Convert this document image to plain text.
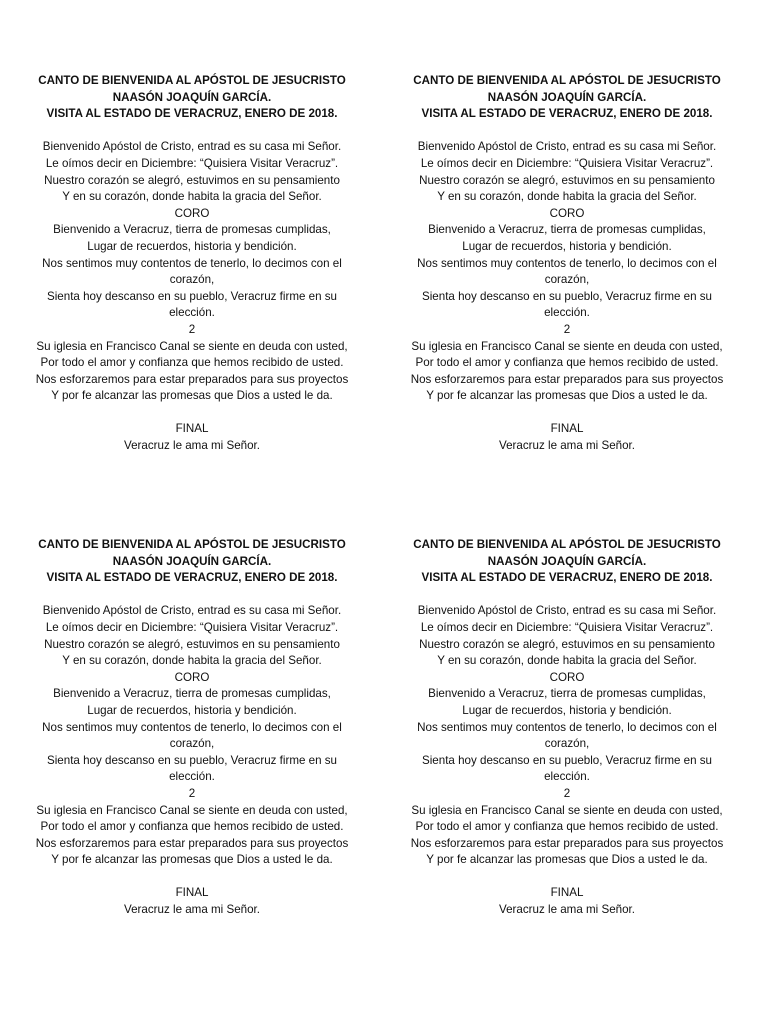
CANTO DE BIENVENIDA AL APÓSTOL DE JESUCRISTO
NAASÓN JOAQUÍN GARCÍA.
VISITA AL ESTADO DE VERACRUZ, ENERO DE 2018.
Bienvenido Apóstol de Cristo, entrad es su casa mi Señor.
Le oímos decir en Diciembre: “Quisiera Visitar Veracruz”.
Nuestro corazón se alegró, estuvimos en su pensamiento
Y en su corazón, donde habita la gracia del Señor.
CORO
Bienvenido a Veracruz, tierra de promesas cumplidas,
Lugar de recuerdos, historia y bendición.
Nos sentimos muy contentos de tenerlo, lo decimos con el
corazón,
Sienta hoy descanso en su pueblo, Veracruz firme en su
elección.
2
Su iglesia en Francisco Canal se siente en deuda con usted,
Por todo el amor y confianza que hemos recibido de usted.
Nos esforzaremos para estar preparados para sus proyectos
Y por fe alcanzar las promesas que Dios a usted le da.
FINAL
Veracruz le ama mi Señor.
CANTO DE BIENVENIDA AL APÓSTOL DE JESUCRISTO
NAASÓN JOAQUÍN GARCÍA.
VISITA AL ESTADO DE VERACRUZ, ENERO DE 2018.
Bienvenido Apóstol de Cristo, entrad es su casa mi Señor.
Le oímos decir en Diciembre: “Quisiera Visitar Veracruz”.
Nuestro corazón se alegró, estuvimos en su pensamiento
Y en su corazón, donde habita la gracia del Señor.
CORO
Bienvenido a Veracruz, tierra de promesas cumplidas,
Lugar de recuerdos, historia y bendición.
Nos sentimos muy contentos de tenerlo, lo decimos con el
corazón,
Sienta hoy descanso en su pueblo, Veracruz firme en su
elección.
2
Su iglesia en Francisco Canal se siente en deuda con usted,
Por todo el amor y confianza que hemos recibido de usted.
Nos esforzaremos para estar preparados para sus proyectos
Y por fe alcanzar las promesas que Dios a usted le da.
FINAL
Veracruz le ama mi Señor.
CANTO DE BIENVENIDA AL APÓSTOL DE JESUCRISTO
NAASÓN JOAQUÍN GARCÍA.
VISITA AL ESTADO DE VERACRUZ, ENERO DE 2018.
Bienvenido Apóstol de Cristo, entrad es su casa mi Señor.
Le oímos decir en Diciembre: “Quisiera Visitar Veracruz”.
Nuestro corazón se alegró, estuvimos en su pensamiento
Y en su corazón, donde habita la gracia del Señor.
CORO
Bienvenido a Veracruz, tierra de promesas cumplidas,
Lugar de recuerdos, historia y bendición.
Nos sentimos muy contentos de tenerlo, lo decimos con el
corazón,
Sienta hoy descanso en su pueblo, Veracruz firme en su
elección.
2
Su iglesia en Francisco Canal se siente en deuda con usted,
Por todo el amor y confianza que hemos recibido de usted.
Nos esforzaremos para estar preparados para sus proyectos
Y por fe alcanzar las promesas que Dios a usted le da.
FINAL
Veracruz le ama mi Señor.
CANTO DE BIENVENIDA AL APÓSTOL DE JESUCRISTO
NAASÓN JOAQUÍN GARCÍA.
VISITA AL ESTADO DE VERACRUZ, ENERO DE 2018.
Bienvenido Apóstol de Cristo, entrad es su casa mi Señor.
Le oímos decir en Diciembre: “Quisiera Visitar Veracruz”.
Nuestro corazón se alegró, estuvimos en su pensamiento
Y en su corazón, donde habita la gracia del Señor.
CORO
Bienvenido a Veracruz, tierra de promesas cumplidas,
Lugar de recuerdos, historia y bendición.
Nos sentimos muy contentos de tenerlo, lo decimos con el
corazón,
Sienta hoy descanso en su pueblo, Veracruz firme en su
elección.
2
Su iglesia en Francisco Canal se siente en deuda con usted,
Por todo el amor y confianza que hemos recibido de usted.
Nos esforzaremos para estar preparados para sus proyectos
Y por fe alcanzar las promesas que Dios a usted le da.
FINAL
Veracruz le ama mi Señor.
